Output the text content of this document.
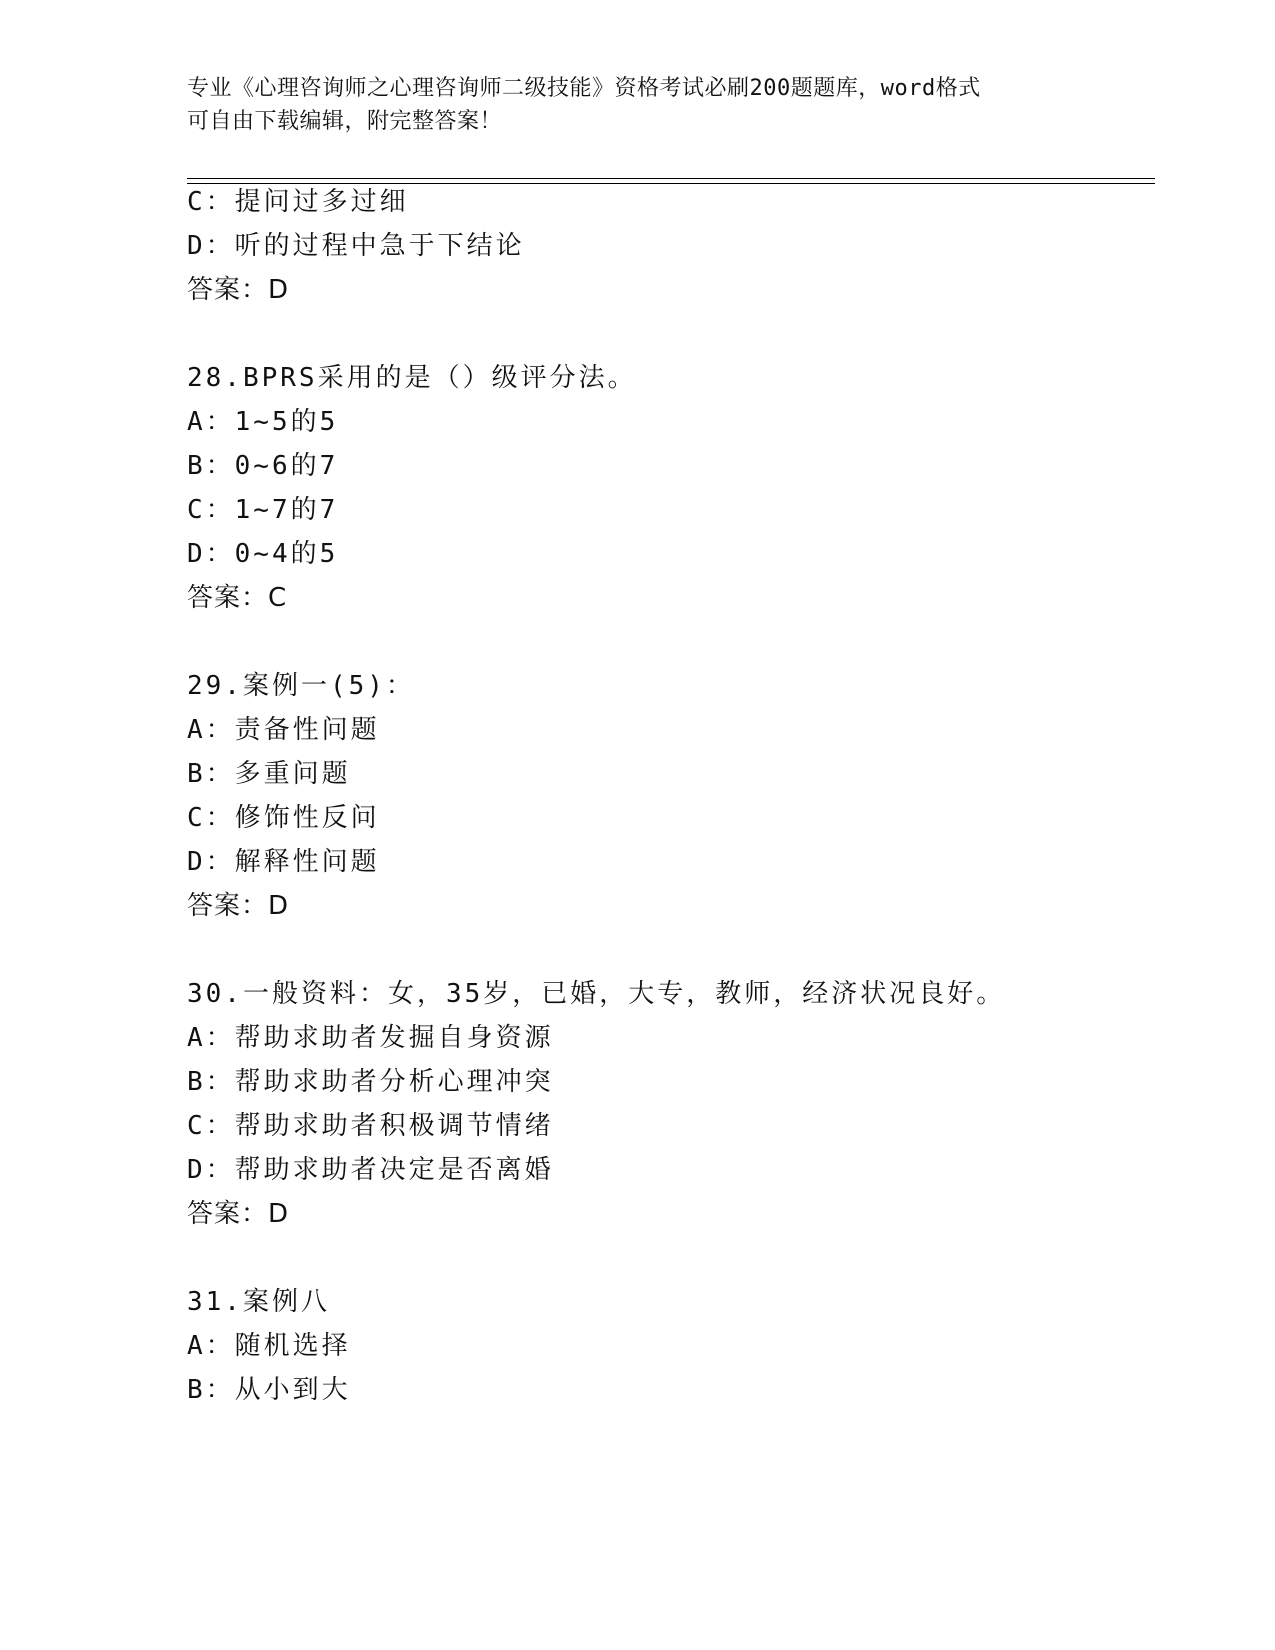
专业《心理咨询师之心理咨询师二级技能》资格考试必刷200题题库，word格式
可自由下载编辑，附完整答案！
C：提问过多过细
D：听的过程中急于下结论
答案：D
28.BPRS采用的是（）级评分法。
A：1~5的5
B：0~6的7
C：1~7的7
D：0~4的5
答案：C
29.案例一(5)：
A：责备性问题
B：多重问题
C：修饰性反问
D：解释性问题
答案：D
30.一般资料：女，35岁，已婚，大专，教师，经济状况良好。
A：帮助求助者发掘自身资源
B：帮助求助者分析心理冲突
C：帮助求助者积极调节情绪
D：帮助求助者决定是否离婚
答案：D
31.案例八
A：随机选择
B：从小到大
